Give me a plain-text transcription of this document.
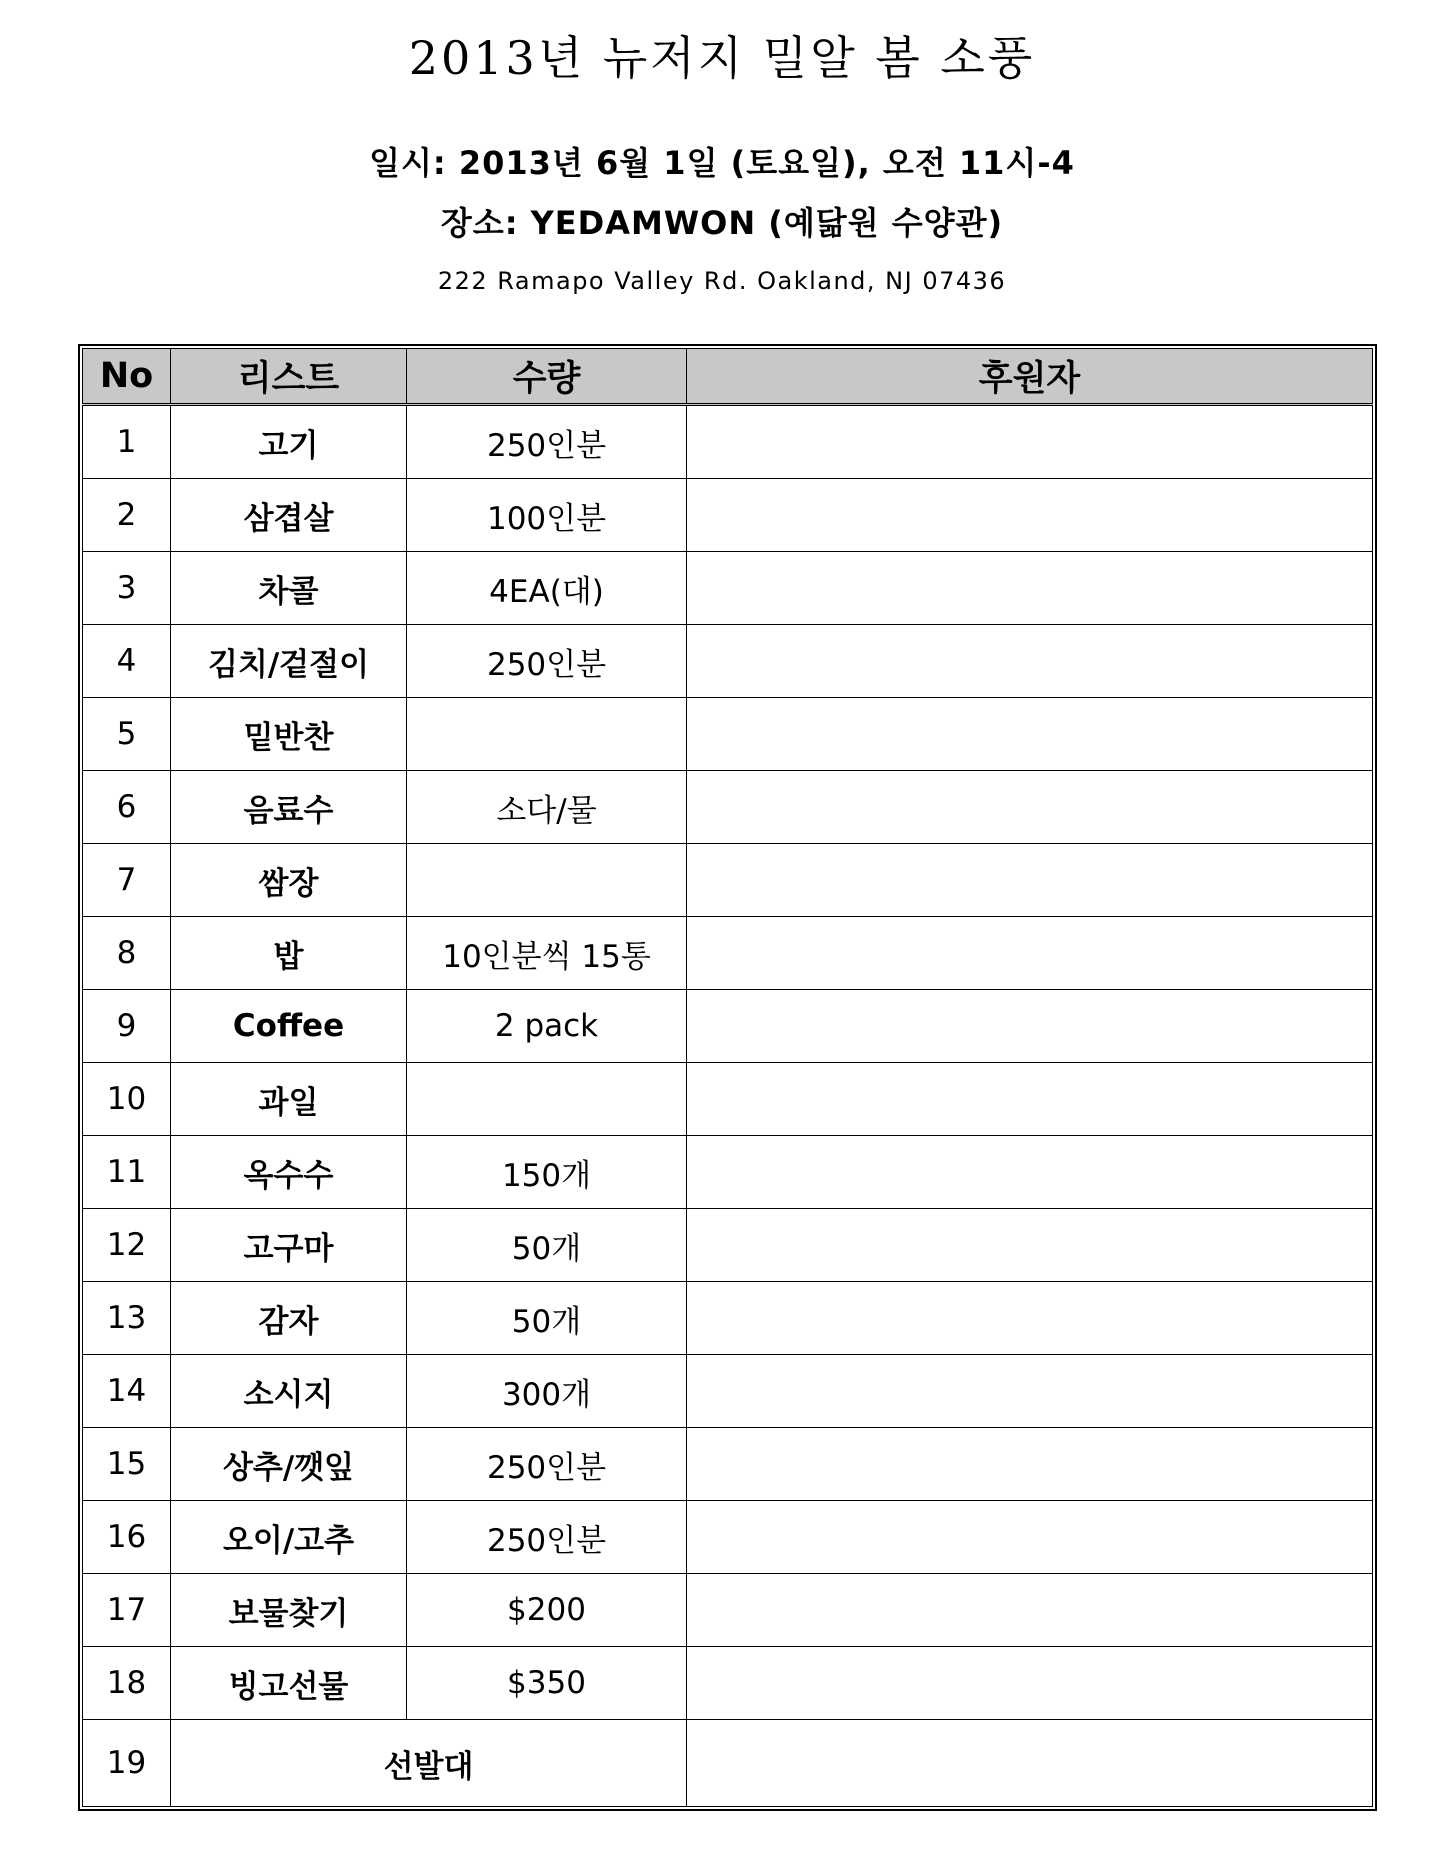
2013년 뉴저지 밀알 봄 소풍
일시: 2013년 6월 1일 (토요일), 오전 11시-4
장소: YEDAMWON (예닮원 수양관)
222 Ramapo Valley Rd. Oakland, NJ 07436
No	리스트	수량	후원자
1	고기	250인분	
2	삼겹살	100인분	
3	차콜	4EA(대)	
4	김치/겉절이	250인분	
5	밑반찬		
6	음료수	소다/물	
7	쌈장		
8	밥	10인분씩 15통	
9	Coffee	2 pack	
10	과일		
11	옥수수	150개	
12	고구마	50개	
13	감자	50개	
14	소시지	300개	
15	상추/깻잎	250인분	
16	오이/고추	250인분	
17	보물찾기	$200	
18	빙고선물	$350	
19	선발대		
